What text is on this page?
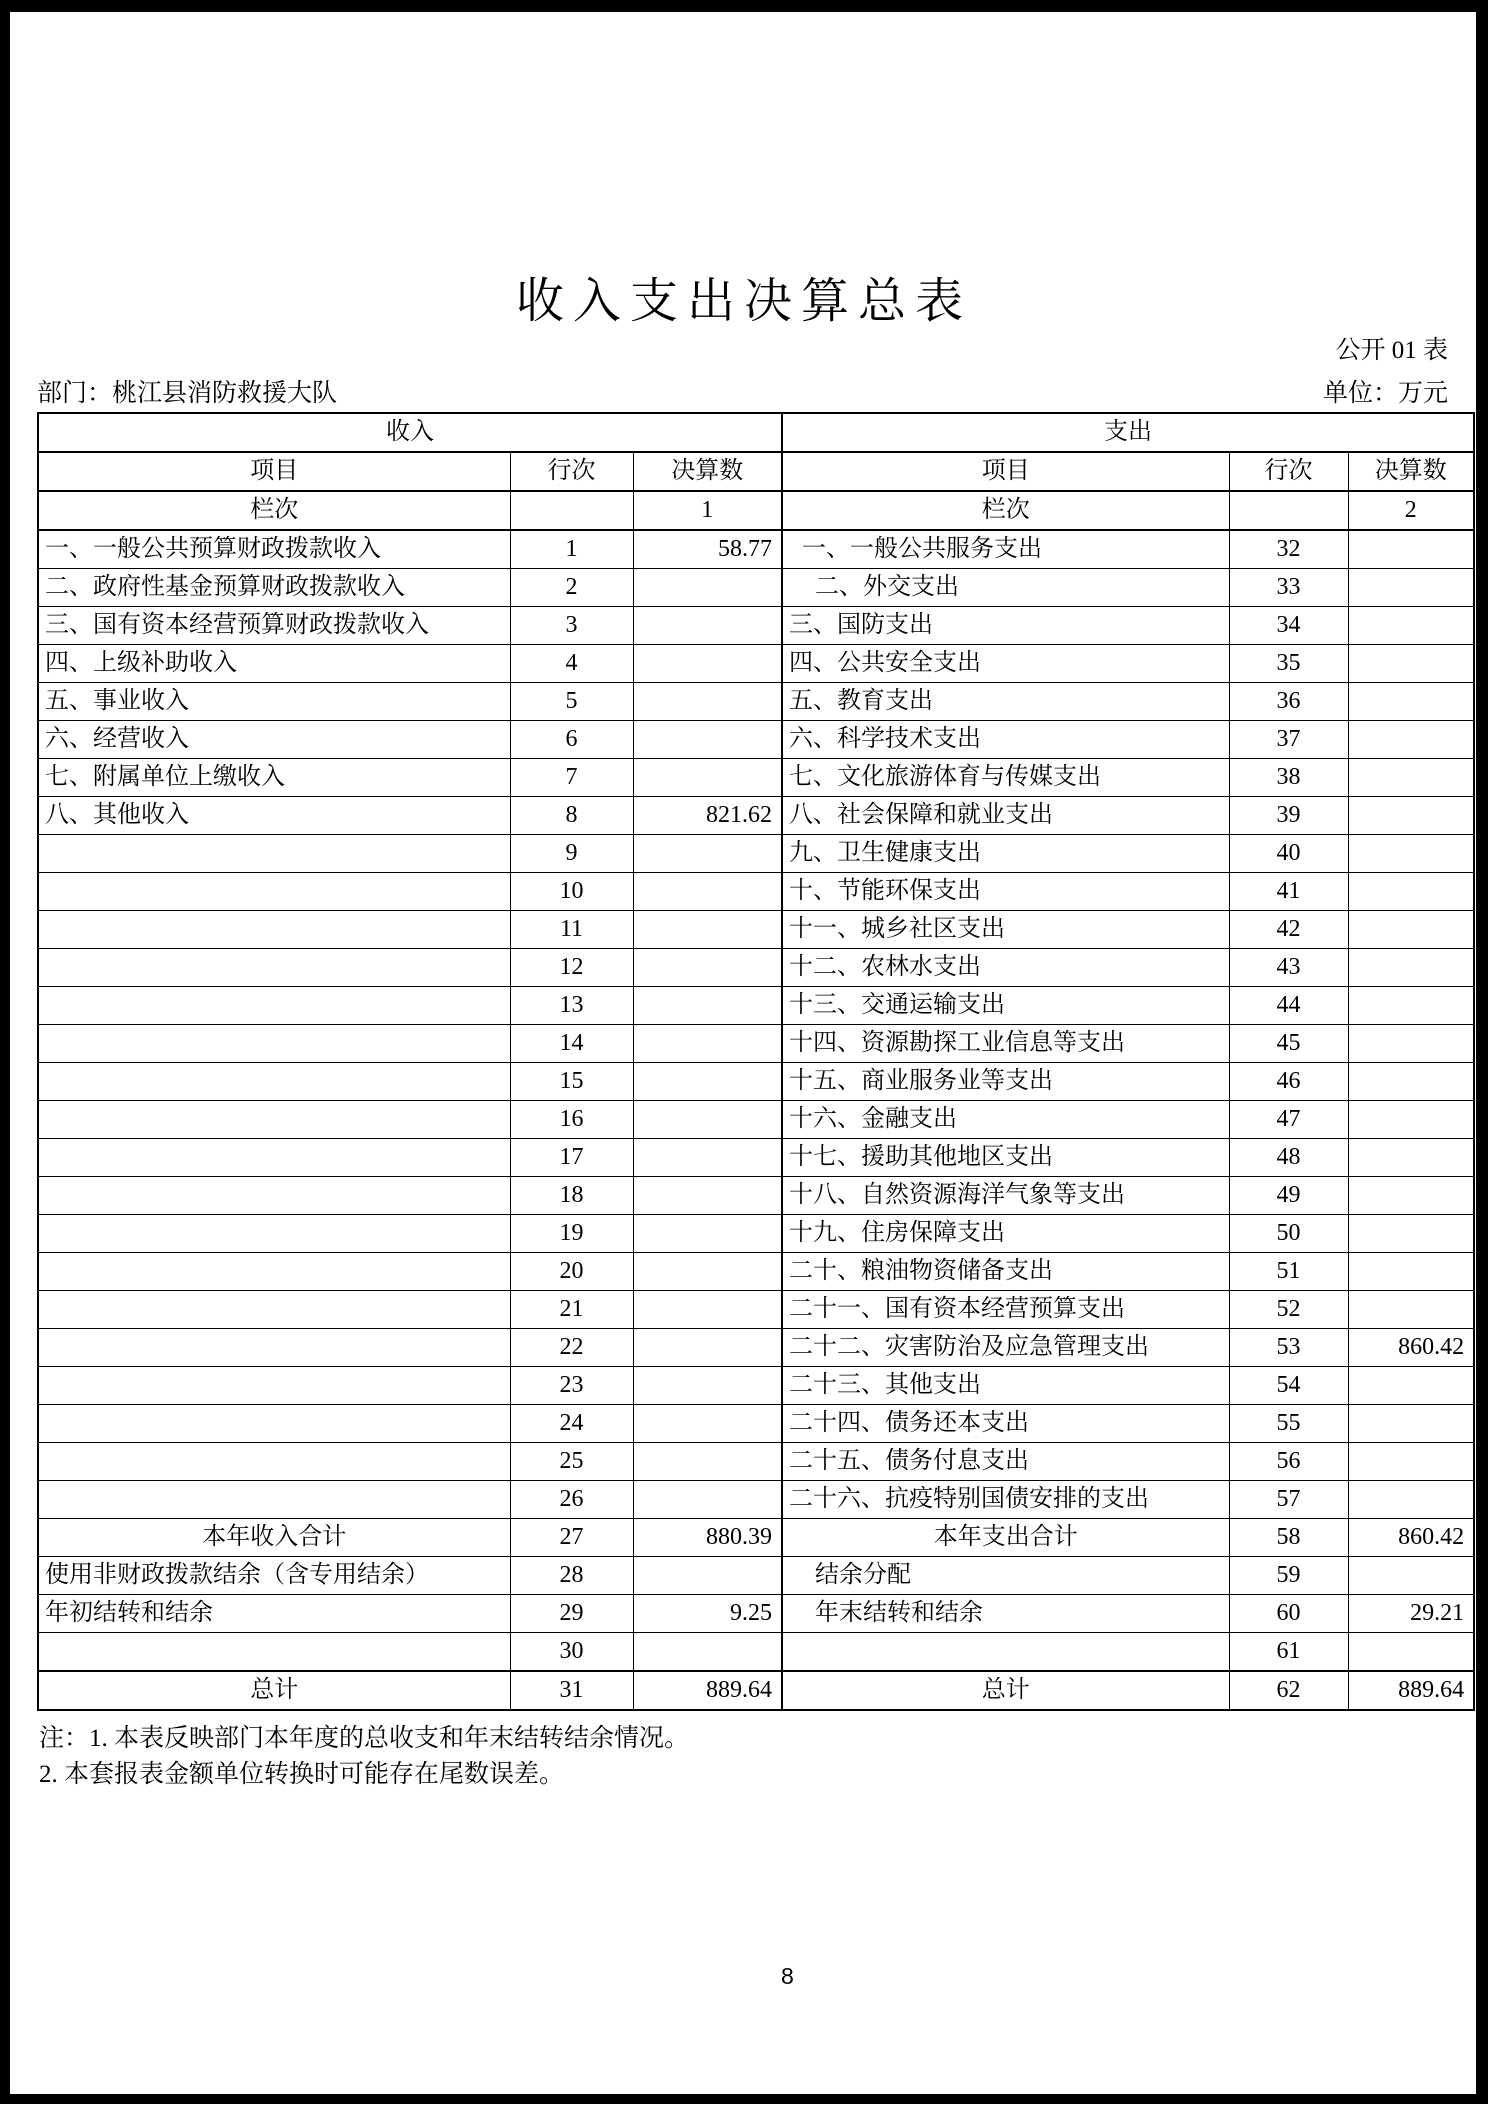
收入支出决算总表
公开 01 表
部门：桃江县消防救援大队	单位：万元
收入			支出		
项目	行次	决算数	项目	行次	决算数
栏次		1	栏次		2
一、一般公共预算财政拨款收入	1	58.77	一、一般公共服务支出	32	
二、政府性基金预算财政拨款收入	2		二、外交支出	33	
三、国有资本经营预算财政拨款收入	3		三、国防支出	34	
四、上级补助收入	4		四、公共安全支出	35	
五、事业收入	5		五、教育支出	36	
六、经营收入	6		六、科学技术支出	37	
七、附属单位上缴收入	7		七、文化旅游体育与传媒支出	38	
八、其他收入	8	821.62	八、社会保障和就业支出	39	
	9		九、卫生健康支出	40	
	10		十、节能环保支出	41	
	11		十一、城乡社区支出	42	
	12		十二、农林水支出	43	
	13		十三、交通运输支出	44	
	14		十四、资源勘探工业信息等支出	45	
	15		十五、商业服务业等支出	46	
	16		十六、金融支出	47	
	17		十七、援助其他地区支出	48	
	18		十八、自然资源海洋气象等支出	49	
	19		十九、住房保障支出	50	
	20		二十、粮油物资储备支出	51	
	21		二十一、国有资本经营预算支出	52	
	22		二十二、灾害防治及应急管理支出	53	860.42
	23		二十三、其他支出	54	
	24		二十四、债务还本支出	55	
	25		二十五、债务付息支出	56	
	26		二十六、抗疫特别国债安排的支出	57	
本年收入合计	27	880.39	本年支出合计	58	860.42
使用非财政拨款结余（含专用结余）	28		结余分配	59	
年初结转和结余	29	9.25	年末结转和结余	60	29.21
	30			61	
总计	31	889.64	总计	62	889.64
注：1. 本表反映部门本年度的总收支和年末结转结余情况。
2. 本套报表金额单位转换时可能存在尾数误差。
8
